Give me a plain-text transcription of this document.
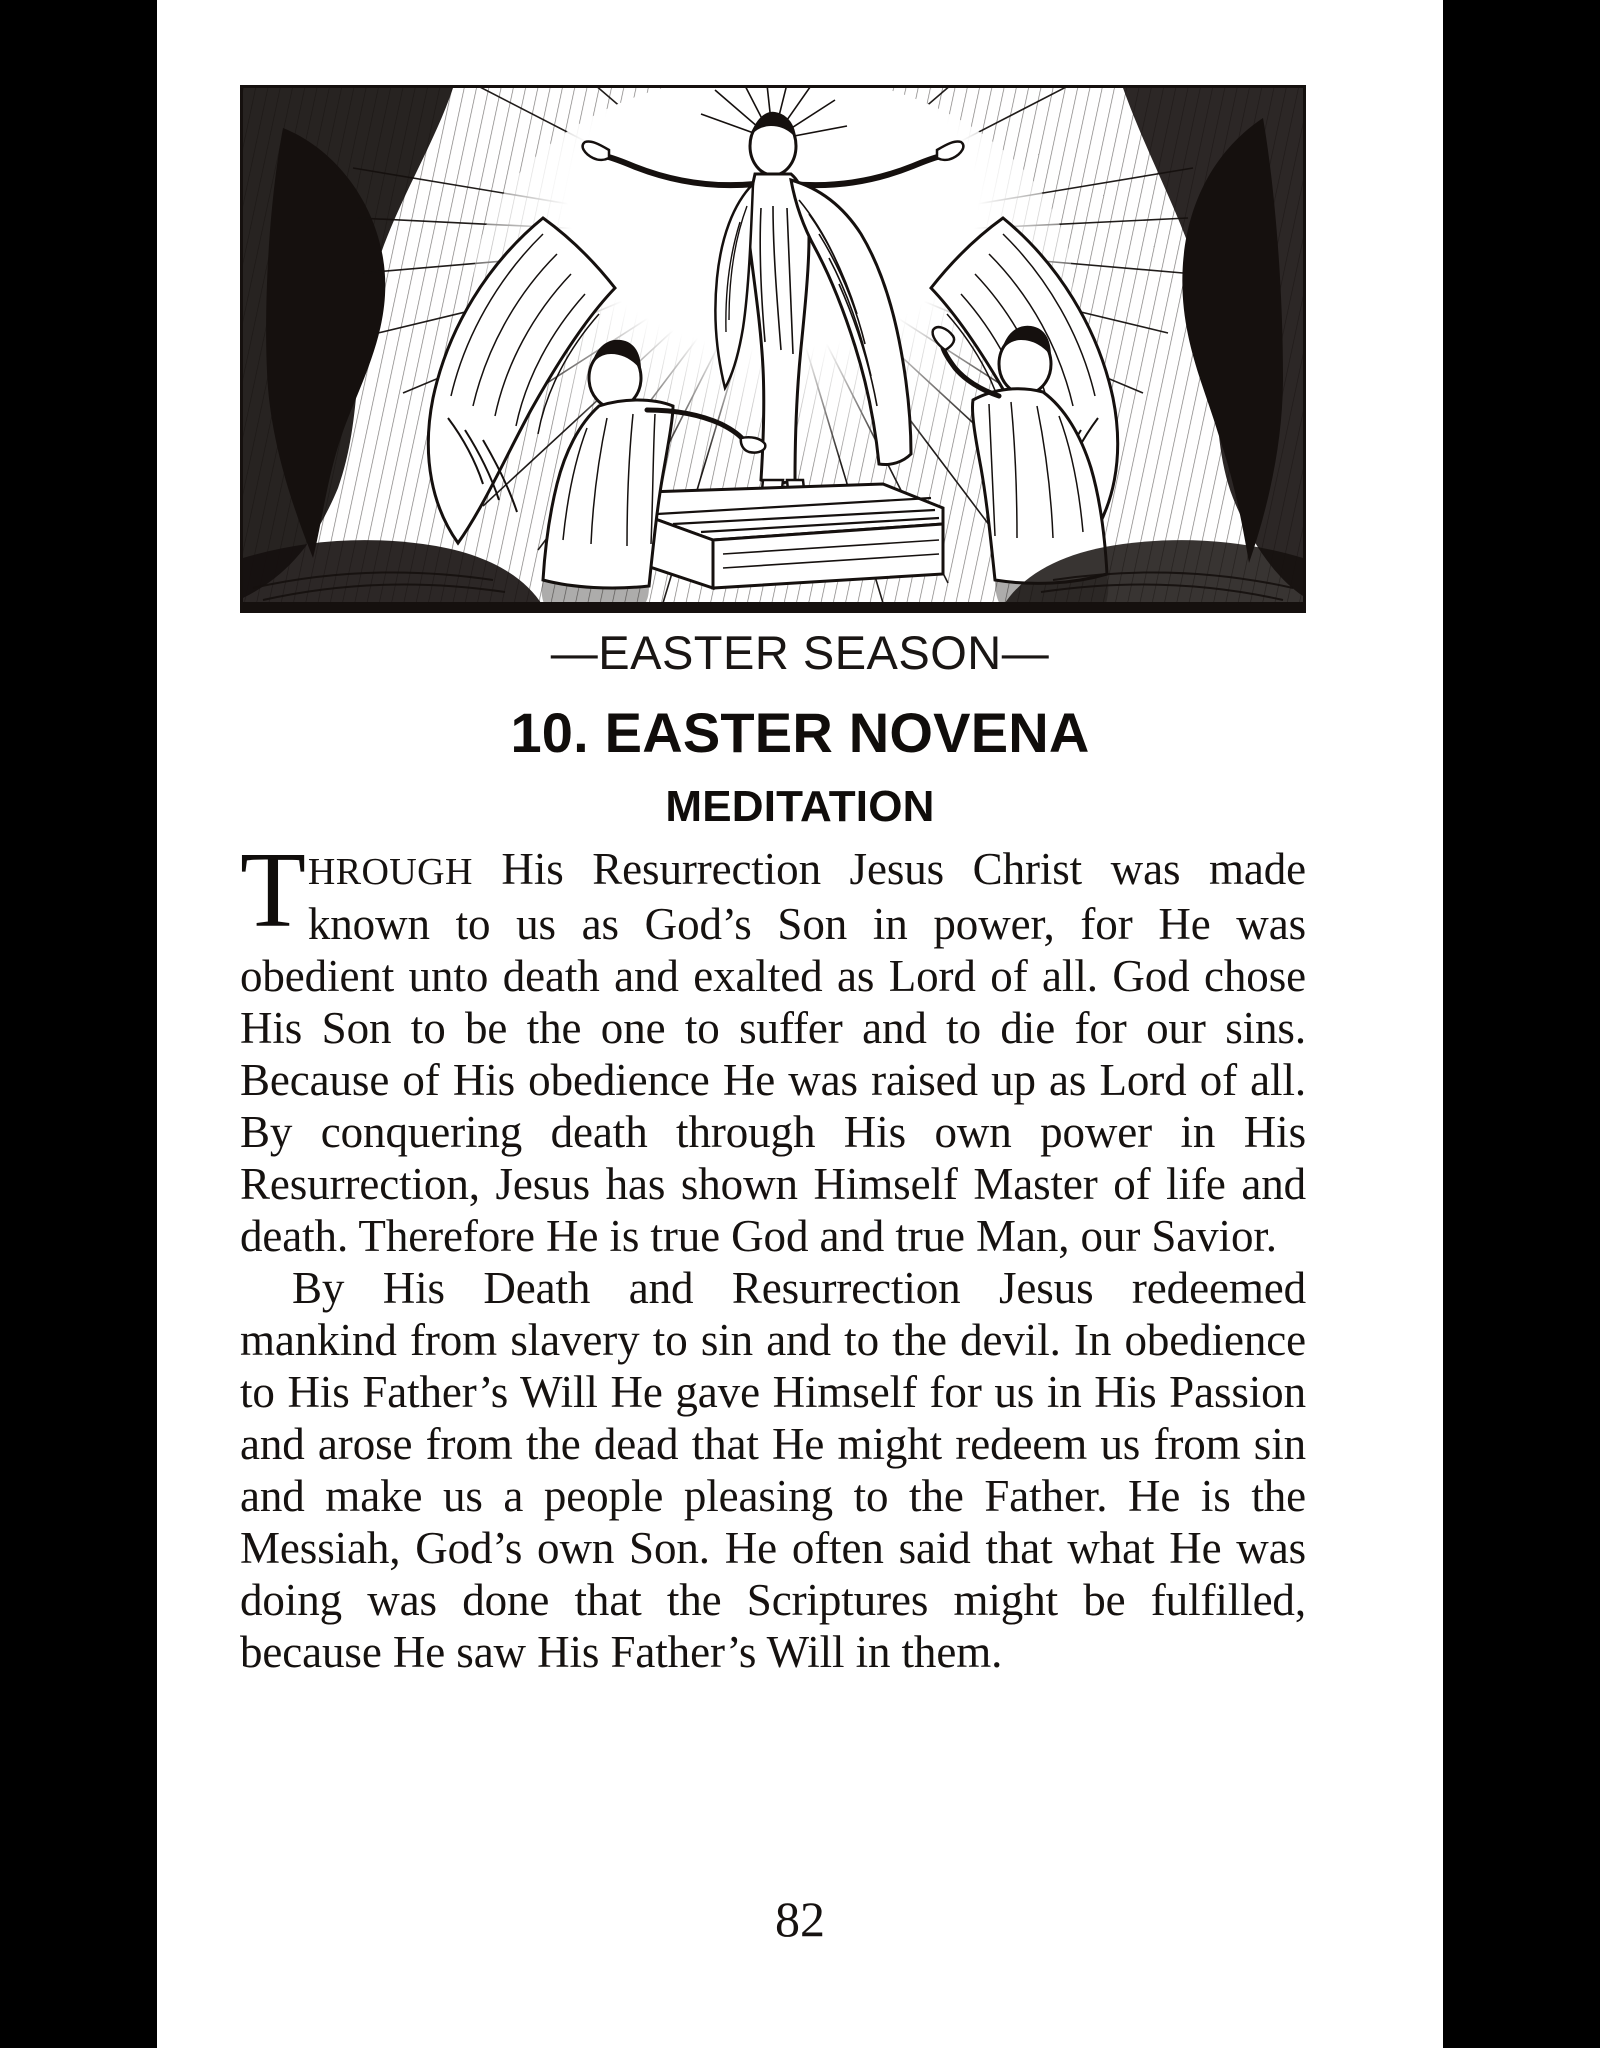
—EASTER SEASON—
10. EASTER NOVENA
MEDITATION

THROUGH His Resurrection Jesus Christ was made known to us as God’s Son in power, for He was obedient unto death and exalted as Lord of all. God chose His Son to be the one to suffer and to die for our sins. Because of His obedience He was raised up as Lord of all. By conquering death through His own power in His Resurrection, Jesus has shown Himself Master of life and death. Therefore He is true God and true Man, our Savior.

By His Death and Resurrection Jesus redeemed mankind from slavery to sin and to the devil. In obedience to His Father’s Will He gave Himself for us in His Passion and arose from the dead that He might redeem us from sin and make us a people pleasing to the Father. He is the Messiah, God’s own Son. He often said that what He was doing was done that the Scriptures might be fulfilled, because He saw His Father’s Will in them.

82
